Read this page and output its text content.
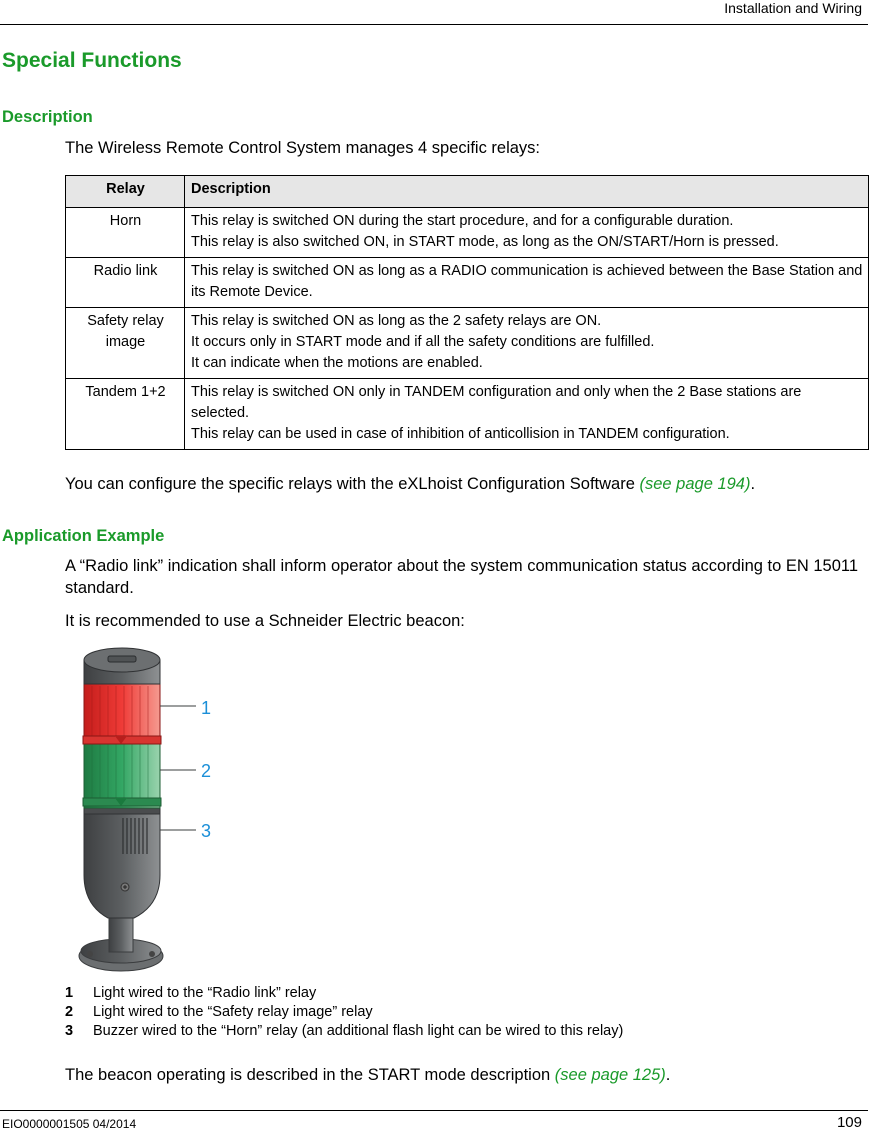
Installation and Wiring
Special Functions
Description
The Wireless Remote Control System manages 4 specific relays:
Relay	Description
Horn	This relay is switched ON during the start procedure, and for a configurable duration.
This relay is also switched ON, in START mode, as long as the ON/START/Horn is pressed.

Radio link	This relay is switched ON as long as a RADIO communication is achieved between the Base Station and its Remote Device.

Safety relay image	This relay is switched ON as long as the 2 safety relays are ON.
It occurs only in START mode and if all the safety conditions are fulfilled.
It can indicate when the motions are enabled.

Tandem 1+2	This relay is switched ON only in TANDEM configuration and only when the 2 Base stations are selected.
This relay can be used in case of inhibition of anticollision in TANDEM configuration.
You can configure the specific relays with the eXLhoist Configuration Software (see page 194).
Application Example
A “Radio link” indication shall inform operator about the system communication status according to EN 15011 standard.
It is recommended to use a Schneider Electric beacon:
1
2
3
1 Light wired to the “Radio link” relay
2 Light wired to the “Safety relay image” relay
3 Buzzer wired to the “Horn” relay (an additional flash light can be wired to this relay)
The beacon operating is described in the START mode description (see page 125).
EIO0000001505 04/2014	109
